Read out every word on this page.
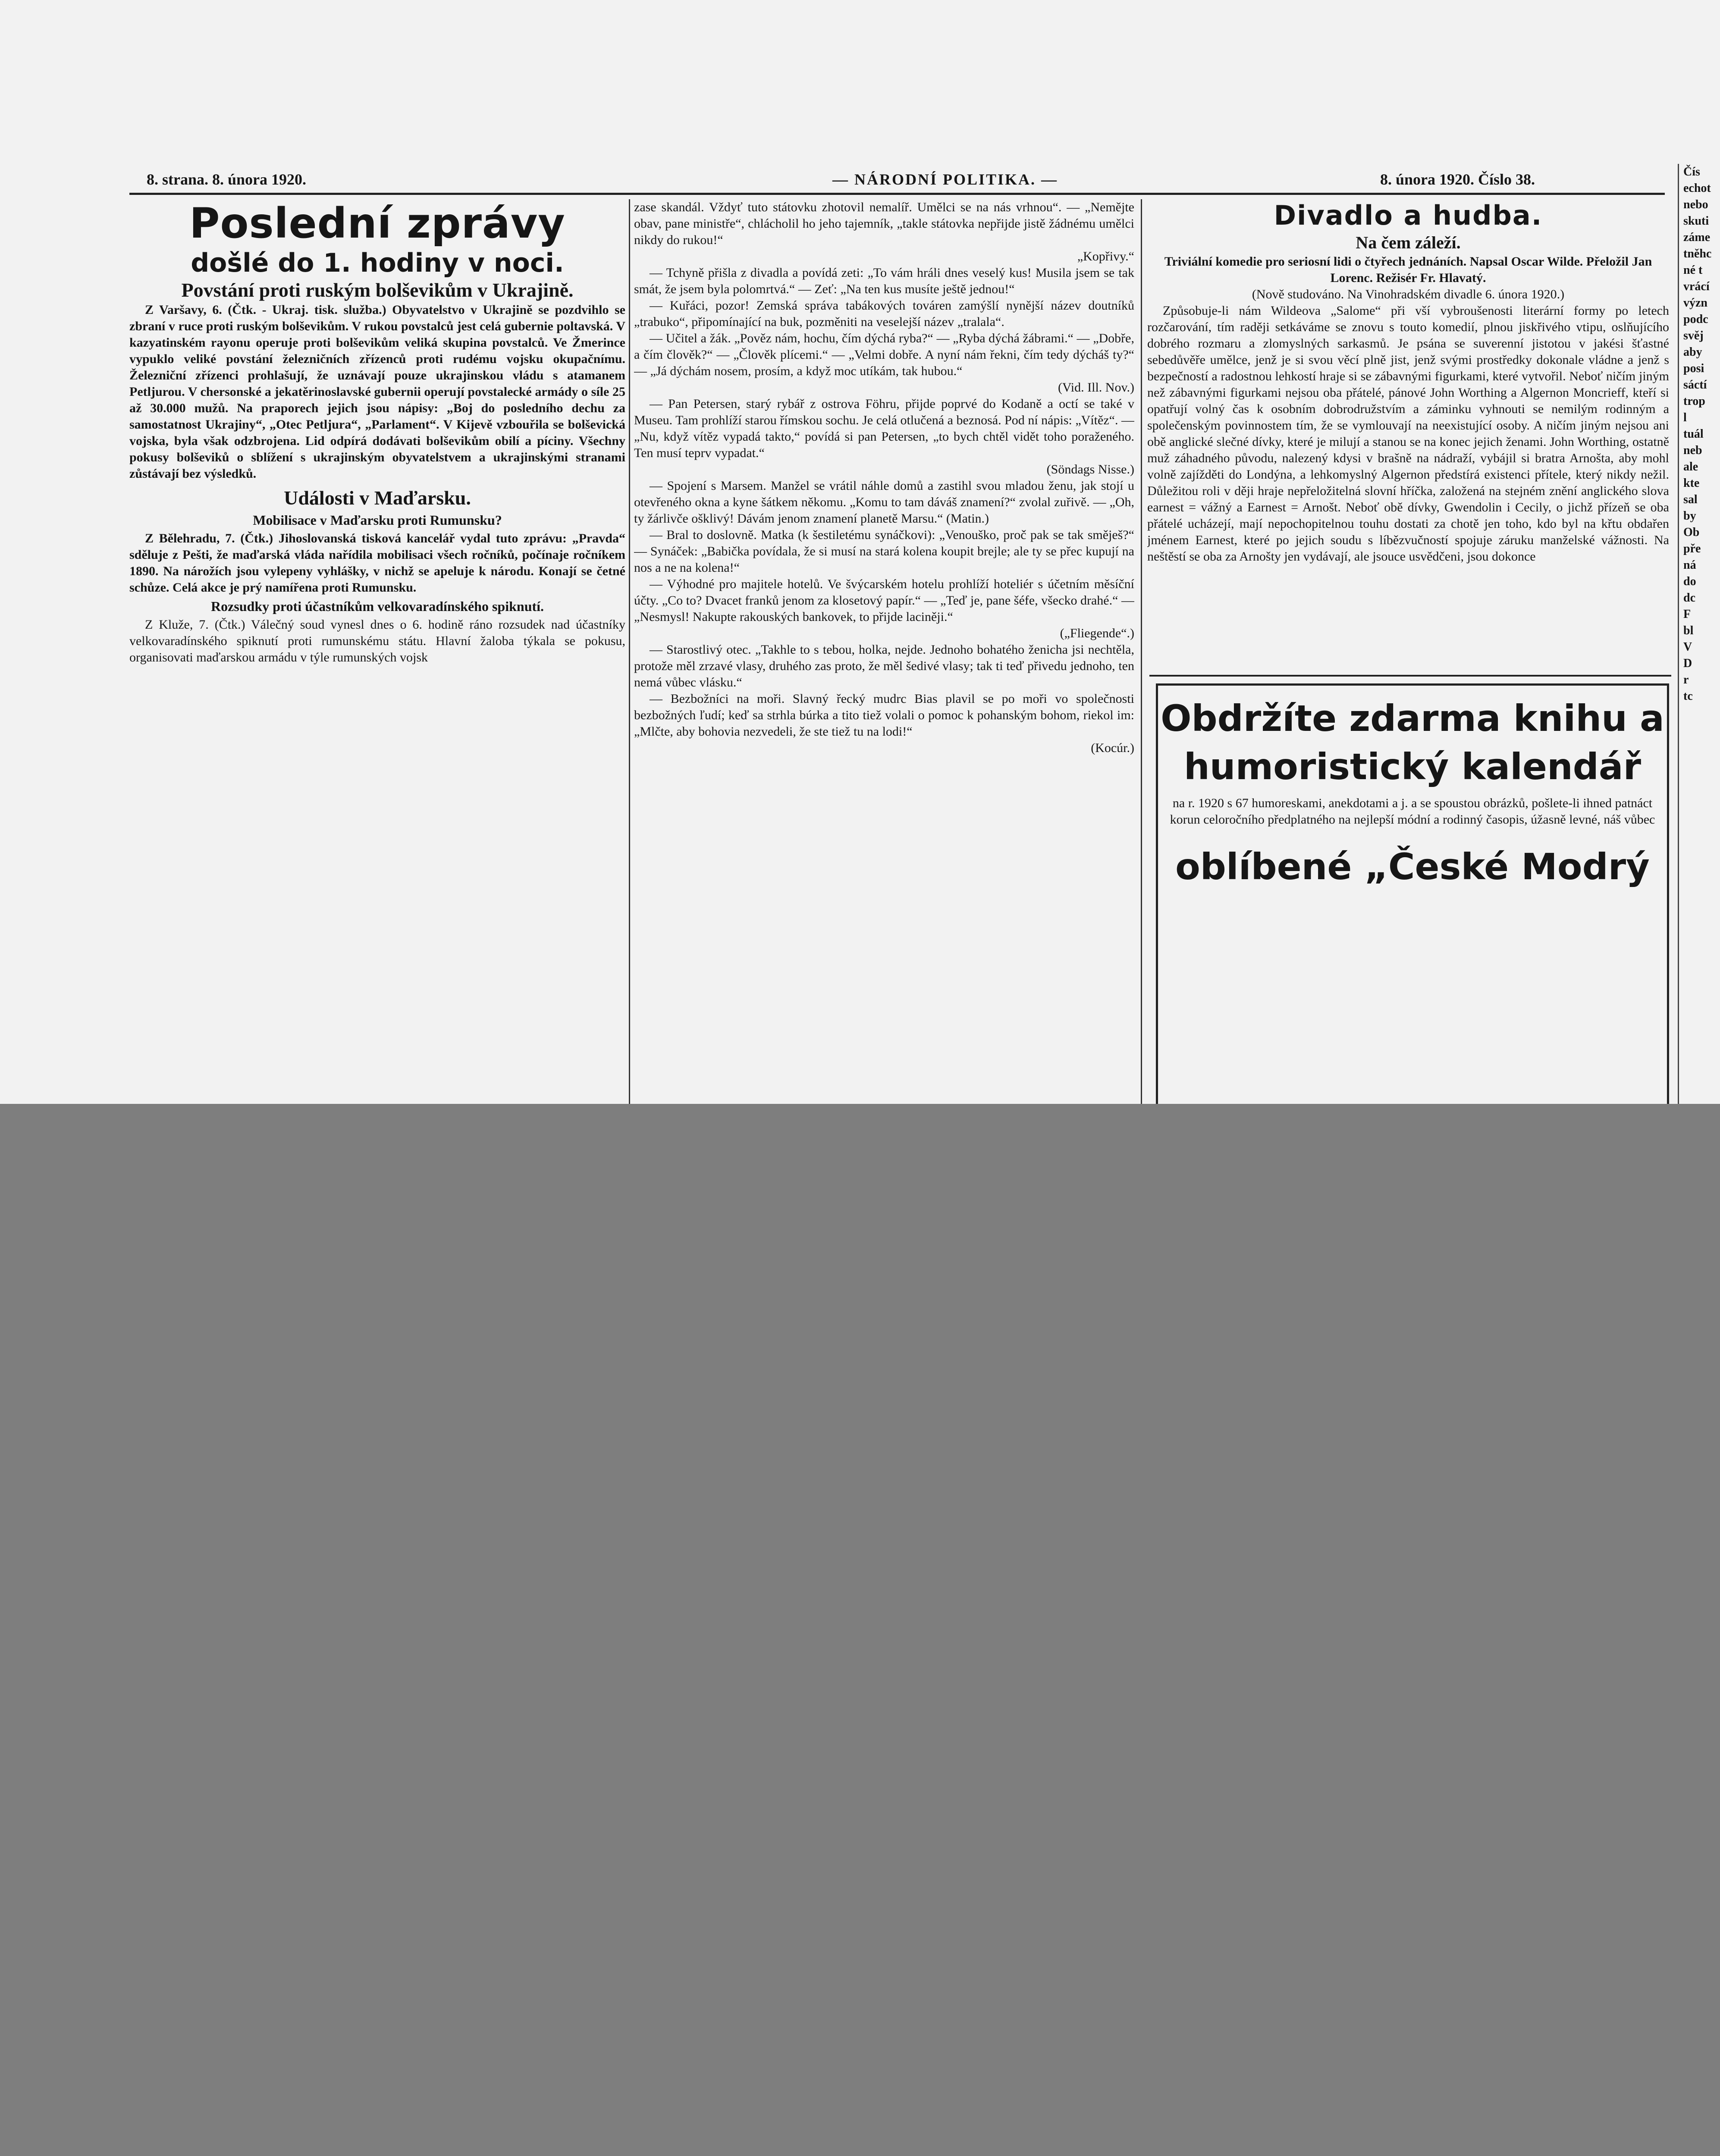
8. strana. 8. února 1920.	— NÁRODNÍ POLITIKA. —	8. února 1920. Číslo 38.
Poslední zprávy
došlé do 1. hodiny v noci.
Povstání proti ruským bolševikům v Ukrajině.

Z Varšavy, 6. (Čtk. - Ukraj. tisk. služba.) Obyvatelstvo v Ukrajině se pozdvihlo se zbraní v ruce proti ruským bolševikům. V rukou povstalců jest celá gubernie poltavská. V kazyatinském rayonu operuje proti bolševikům veliká skupina povstalců. Ve Žmerince vypuklo veliké povstání železničních zřízenců proti rudému vojsku okupačnímu. Železniční zřízenci prohlašují, že uznávají pouze ukrajinskou vládu s atamanem Petljurou. V chersonské a jekatěrinoslavské gubernii operují povstalecké armády o síle 25 až 30.000 mužů. Na praporech jejich jsou nápisy: „Boj do posledního dechu za samostatnost Ukrajiny“, „Otec Petljura“, „Parlament“. V Kijevě vzbouřila se bolševická vojska, byla však odzbrojena. Lid odpírá dodávati bolševikům obilí a píciny. Všechny pokusy bolševiků o sblížení s ukrajinským obyvatelstvem a ukrajinskými stranami zůstávají bez výsledků.

Události v Maďarsku.
Mobilisace v Maďarsku proti Rumunsku?

Z Bělehradu, 7. (Čtk.) Jihoslovanská tisková kancelář vydal tuto zprávu: „Pravda“ sděluje z Pešti, že maďarská vláda nařídila mobilisaci všech ročníků, počínaje ročníkem 1890. Na nárožích jsou vylepeny vyhlášky, v nichž se apeluje k národu. Konají se četné schůze. Celá akce je prý namířena proti Rumunsku.

Rozsudky proti účastníkům velkovaradínského spiknutí.

Z Kluže, 7. (Čtk.) Válečný soud vynesl dnes o 6. hodině ráno rozsudek nad účastníky velkovaradínského spiknutí proti rumunskému státu. Hlavní žaloba týkala se pokusu, organisovati maďarskou armádu v týle rumunských vojsk

zase skandál. Vždyť tuto státovku zhotovil nemalíř. Umělci se na nás vrhnou“. — „Nemějte obav, pane ministře“, chlácholil ho jeho tajemník, „takle státovka nepřijde jistě žádnému umělci nikdy do rukou!“

„Kopřivy.“

— Tchyně přišla z divadla a povídá zeti: „To vám hráli dnes veselý kus! Musila jsem se tak smát, že jsem byla polomrtvá.“ — Zeť: „Na ten kus musíte ještě jednou!“

— Kuřáci, pozor! Zemská správa tabákových továren zamýšlí nynější název doutníků „trabuko“, připomínající na buk, pozměniti na veselejší název „tralala“.

— Učitel a žák. „Pověz nám, hochu, čím dýchá ryba?“ — „Ryba dýchá žábrami.“ — „Dobře, a čím člověk?“ — „Člověk plícemi.“ — „Velmi dobře. A nyní nám řekni, čím tedy dýcháš ty?“ — „Já dýchám nosem, prosím, a když moc utíkám, tak hubou.“

(Vid. Ill. Nov.)

— Pan Petersen, starý rybář z ostrova Föhru, přijde poprvé do Kodaně a octí se také v Museu. Tam prohlíží starou římskou sochu. Je celá otlučená a beznosá. Pod ní nápis: „Vítěz“. — „Nu, když vítěz vypadá takto,“ povídá si pan Petersen, „to bych chtěl vidět toho poraženého. Ten musí teprv vypadat.“

(Söndags Nisse.)

— Spojení s Marsem. Manžel se vrátil náhle domů a zastihl svou mladou ženu, jak stojí u otevřeného okna a kyne šátkem někomu. „Komu to tam dáváš znamení?“ zvolal zuřivě. — „Oh, ty žárlivče ošklivý! Dávám jenom znamení planetě Marsu.“ (Matin.)

— Bral to doslovně. Matka (k šestiletému synáčkovi): „Venouško, proč pak se tak směješ?“ — Synáček: „Babička povídala, že si musí na stará kolena koupit brejle; ale ty se přec kupují na nos a ne na kolena!“

— Výhodné pro majitele hotelů. Ve švýcarském hotelu prohlíží hoteliér s účetním měsíční účty. „Co to? Dvacet franků jenom za klosetový papír.“ — „Teď je, pane šéfe, všecko drahé.“ — „Nesmysl! Nakupte rakouských bankovek, to přijde laciněji.“

(„Fliegende“.)

— Starostlivý otec. „Takhle to s tebou, holka, nejde. Jednoho bohatého ženicha jsi nechtěla, protože měl zrzavé vlasy, druhého zas proto, že měl šedivé vlasy; tak ti teď přivedu jednoho, ten nemá vůbec vlásku.“

— Bezbožníci na moři. Slavný řecký mudrc Bias plavil se po moři vo společnosti bezbožných ľudí; keď sa strhla búrka a tito tiež volali o pomoc k pohanským bohom, riekol im: „Mlčte, aby bohovia nezvedeli, že ste tiež tu na lodi!“

(Kocúr.)
Divadlo a hudba.
Na čem záleží.

Triviální komedie pro seriosní lidi o čtyřech jednáních. Napsal Oscar Wilde. Přeložil Jan Lorenc. Režisér Fr. Hlavatý.

(Nově studováno. Na Vinohradském divadle 6. února 1920.)

Způsobuje-li nám Wildeova „Salome“ při vší vybroušenosti literární formy po letech rozčarování, tím raději setkáváme se znovu s touto komedií, plnou jiskřivého vtipu, oslňujícího dobrého rozmaru a zlomyslných sarkasmů. Je psána se suverenní jistotou v jakési šťastné sebedůvěře umělce, jenž je si svou věcí plně jist, jenž svými prostředky dokonale vládne a jenž s bezpečností a radostnou lehkostí hraje si se zábavnými figurkami, které vytvořil. Neboť ničím jiným než zábavnými figurkami nejsou oba přátelé, pánové John Worthing a Algernon Moncrieff, kteří si opatřují volný čas k osobním dobrodružstvím a záminku vyhnouti se nemilým rodinným a společenským povinnostem tím, že se vymlouvají na neexistující osoby. A ničím jiným nejsou ani obě anglické slečné dívky, které je milují a stanou se na konec jejich ženami. John Worthing, ostatně muž záhadného původu, nalezený kdysi v brašně na nádraží, vybájil si bratra Arnošta, aby mohl volně zajížděti do Londýna, a lehkomyslný Algernon předstírá existenci přítele, který nikdy nežil. Důležitou roli v ději hraje nepřeložitelná slovní hříčka, založená na stejném znění anglického slova earnest = vážný a Earnest = Arnošt. Neboť obě dívky, Gwendolin i Cecily, o jichž přízeň se oba přátelé ucházejí, mají nepochopitelnou touhu dostati za chotě jen toho, kdo byl na křtu obdařen jménem Earnest, které po jejich soudu s líbězvučností spojuje záruku manželské vážnosti. Na neštěstí se oba za Arnošty jen vydávají, ale jsouce usvědčeni, jsou dokonce

Obdržíte zdarma knihu a humoristický kalendář
na r. 1920 s 67 humoreskami, anekdotami a j. a se spoustou obrázků, pošlete-li ihned patnáct korun celoročního předplatného na nejlepší módní a rodinný časopis, úžasně levné, náš vůbec
oblíbené „České Modrý
Čís
echot
nebo
skuti
záme
tněhc
né t
vrácí
význ
podc
svěj
aby
posi
sáctí
trop
l
tuál
neb
ale
kte
sal
by
Ob
pře
ná
do
dc
F
bl
V
D
r
tc
